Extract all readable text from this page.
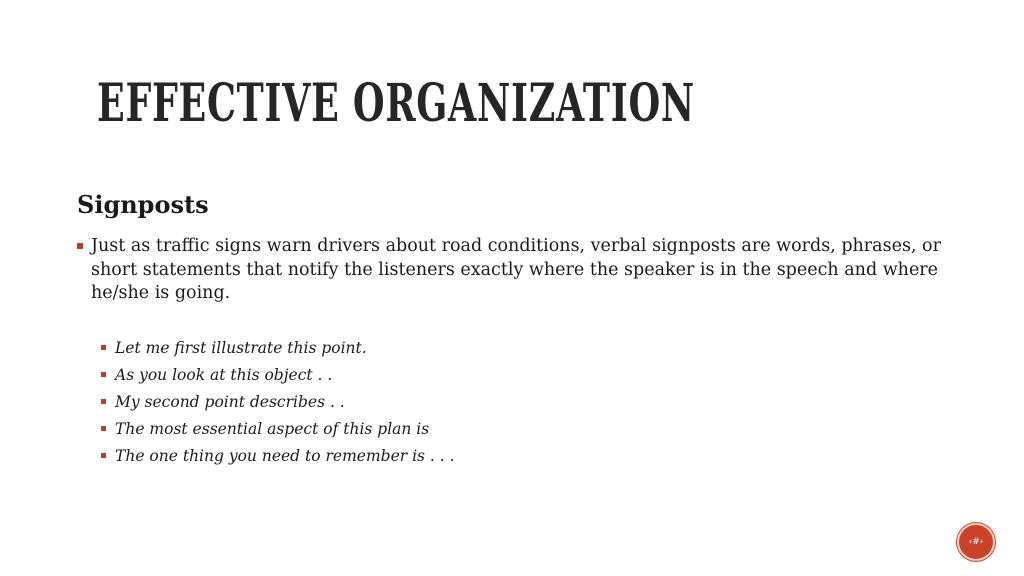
EFFECTIVE ORGANIZATION
Signposts
Just as traffic signs warn drivers about road conditions, verbal signposts are words, phrases, or short statements that notify the listeners exactly where the speaker is in the speech and where he/she is going.
Let me first illustrate this point.
As you look at this object . .
My second point describes . .
The most essential aspect of this plan is
The one thing you need to remember is . . .
‹#›
